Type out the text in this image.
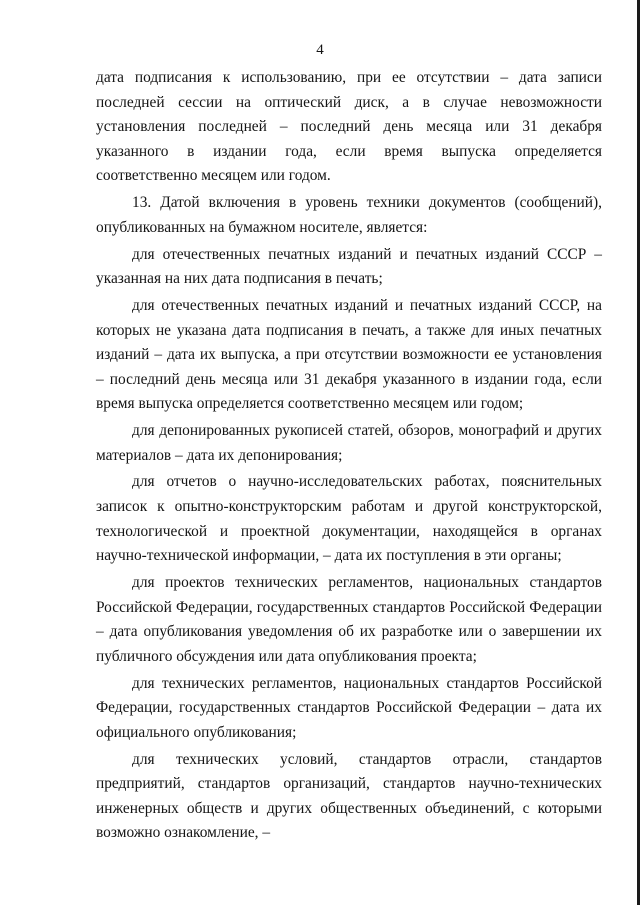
4

дата подписания к использованию, при ее отсутствии – дата записи последней сессии на оптический диск, а в случае невозможности установления последней – последний день месяца или 31 декабря указанного в издании года, если время выпуска определяется соответственно месяцем или годом.

13. Датой включения в уровень техники документов (сообщений), опубликованных на бумажном носителе, является:

для отечественных печатных изданий и печатных изданий СССР – указанная на них дата подписания в печать;

для отечественных печатных изданий и печатных изданий СССР, на которых не указана дата подписания в печать, а также для иных печатных изданий – дата их выпуска, а при отсутствии возможности ее установления – последний день месяца или 31 декабря указанного в издании года, если время выпуска определяется соответственно месяцем или годом;

для депонированных рукописей статей, обзоров, монографий и других материалов – дата их депонирования;

для отчетов о научно-исследовательских работах, пояснительных записок к опытно-конструкторским работам и другой конструкторской, технологической и проектной документации, находящейся в органах научно-технической информации, – дата их поступления в эти органы;

для проектов технических регламентов, национальных стандартов Российской Федерации, государственных стандартов Российской Федерации – дата опубликования уведомления об их разработке или о завершении их публичного обсуждения или дата опубликования проекта;

для технических регламентов, национальных стандартов Российской Федерации, государственных стандартов Российской Федерации – дата их официального опубликования;

для технических условий, стандартов отрасли, стандартов предприятий, стандартов организаций, стандартов научно-технических инженерных обществ и других общественных объединений, с которыми возможно ознакомление, –
